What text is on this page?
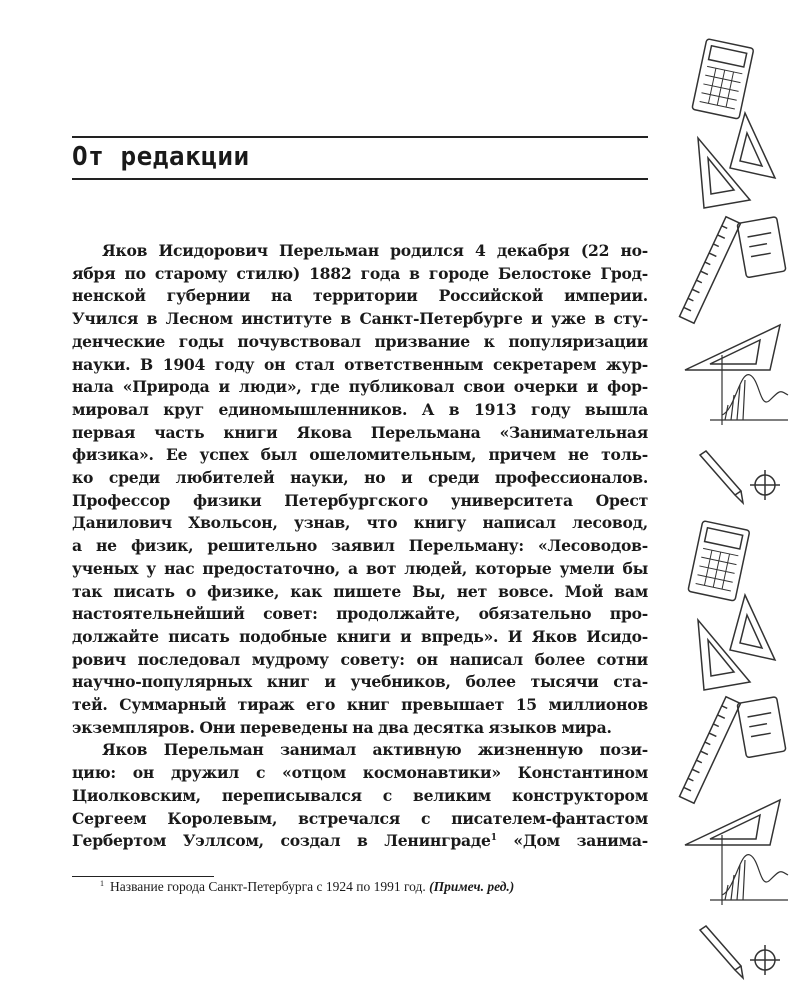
От редакции
Яков Исидорович Перельман родился 4 декабря (22 но-
ября по старому стилю) 1882 года в городе Белостоке Грод-
ненской губернии на территории Российской империи.
Учился в Лесном институте в Санкт-Петербурге и уже в сту-
денческие годы почувствовал призвание к популяризации
науки. В 1904 году он стал ответственным секретарем жур-
нала «Природа и люди», где публиковал свои очерки и фор-
мировал круг единомышленников. А в 1913 году вышла
первая часть книги Якова Перельмана «Занимательная
физика». Ее успех был ошеломительным, причем не толь-
ко среди любителей науки, но и среди профессионалов.
Профессор физики Петербургского университета Орест
Данилович Хвольсон, узнав, что книгу написал лесовод,
а не физик, решительно заявил Перельману: «Лесоводов-
ученых у нас предостаточно, а вот людей, которые умели бы
так писать о физике, как пишете Вы, нет вовсе. Мой вам
настоятельнейший совет: продолжайте, обязательно про-
должайте писать подобные книги и впредь». И Яков Исидо-
рович последовал мудрому совету: он написал более сотни
научно-популярных книг и учебников, более тысячи ста-
тей. Суммарный тираж его книг превышает 15 миллионов
экземпляров. Они переведены на два десятка языков мира.
Яков Перельман занимал активную жизненную пози-
цию: он дружил с «отцом космонавтики» Константином
Циолковским, переписывался с великим конструктором
Сергеем Королевым, встречался с писателем-фантастом
Гербертом Уэллсом, создал в Ленинграде$^1$ «Дом занима-
$^1$ Название города Санкт-Петербурга с 1924 по 1991 год. (Примеч. ред.)
